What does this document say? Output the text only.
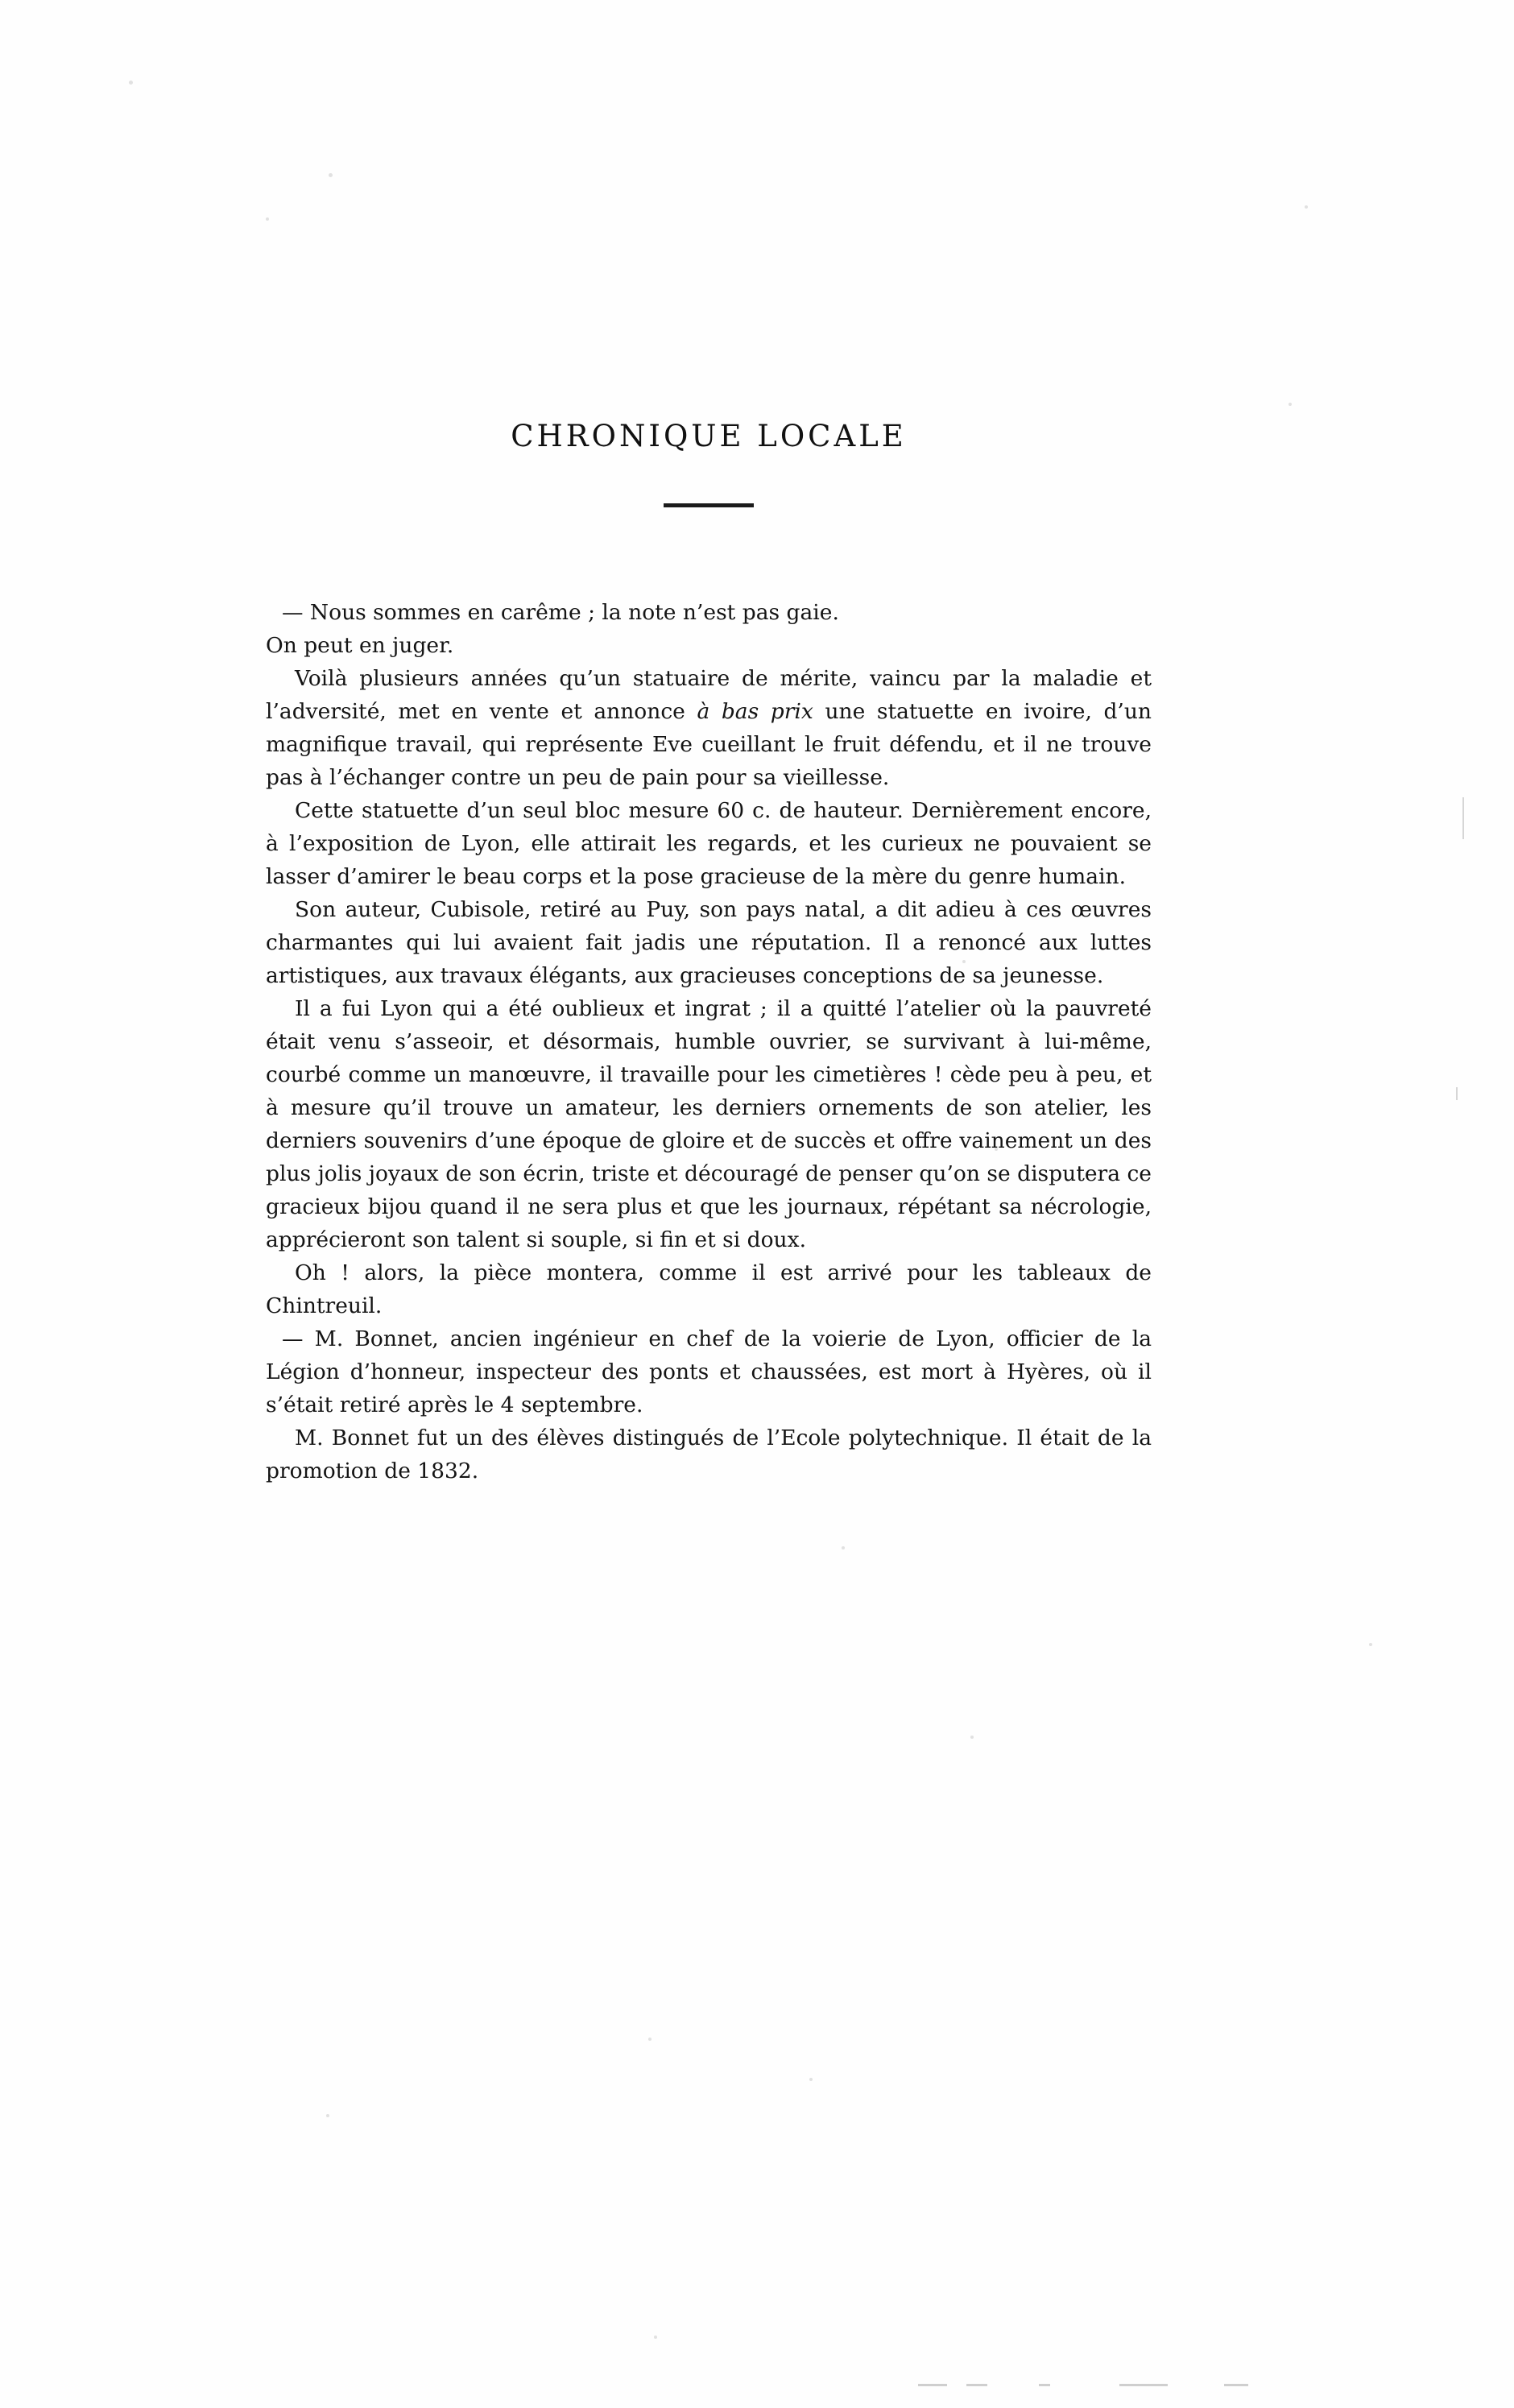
CHRONIQUE LOCALE

— Nous sommes en carême ; la note n’est pas gaie.

On peut en juger.

Voilà plusieurs années qu’un statuaire de mérite, vaincu par la maladie et l’adversité, met en vente et annonce à bas prix une statuette en ivoire, d’un magnifique travail, qui représente Eve cueillant le fruit défendu, et il ne trouve pas à l’échanger contre un peu de pain pour sa vieillesse.

Cette statuette d’un seul bloc mesure 60 c. de hauteur. Dernièrement encore, à l’exposition de Lyon, elle attirait les regards, et les curieux ne pouvaient se lasser d’amirer le beau corps et la pose gracieuse de la mère du genre humain.

Son auteur, Cubisole, retiré au Puy, son pays natal, a dit adieu à ces œuvres charmantes qui lui avaient fait jadis une réputation. Il a renoncé aux luttes artistiques, aux travaux élégants, aux gracieuses conceptions de sa jeunesse.

Il a fui Lyon qui a été oublieux et ingrat ; il a quitté l’atelier où la pauvreté était venu s’asseoir, et désormais, humble ouvrier, se survivant à lui-même, courbé comme un manœuvre, il travaille pour les cimetières ! cède peu à peu, et à mesure qu’il trouve un amateur, les derniers ornements de son atelier, les derniers souvenirs d’une époque de gloire et de succès et offre vainement un des plus jolis joyaux de son écrin, triste et découragé de penser qu’on se disputera ce gracieux bijou quand il ne sera plus et que les journaux, répétant sa nécrologie, apprécieront son talent si souple, si fin et si doux.

Oh ! alors, la pièce montera, comme il est arrivé pour les tableaux de Chintreuil.

— M. Bonnet, ancien ingénieur en chef de la voierie de Lyon, officier de la Légion d’honneur, inspecteur des ponts et chaussées, est mort à Hyères, où il s’était retiré après le 4 septembre.

M. Bonnet fut un des élèves distingués de l’Ecole polytechnique. Il était de la promotion de 1832.
